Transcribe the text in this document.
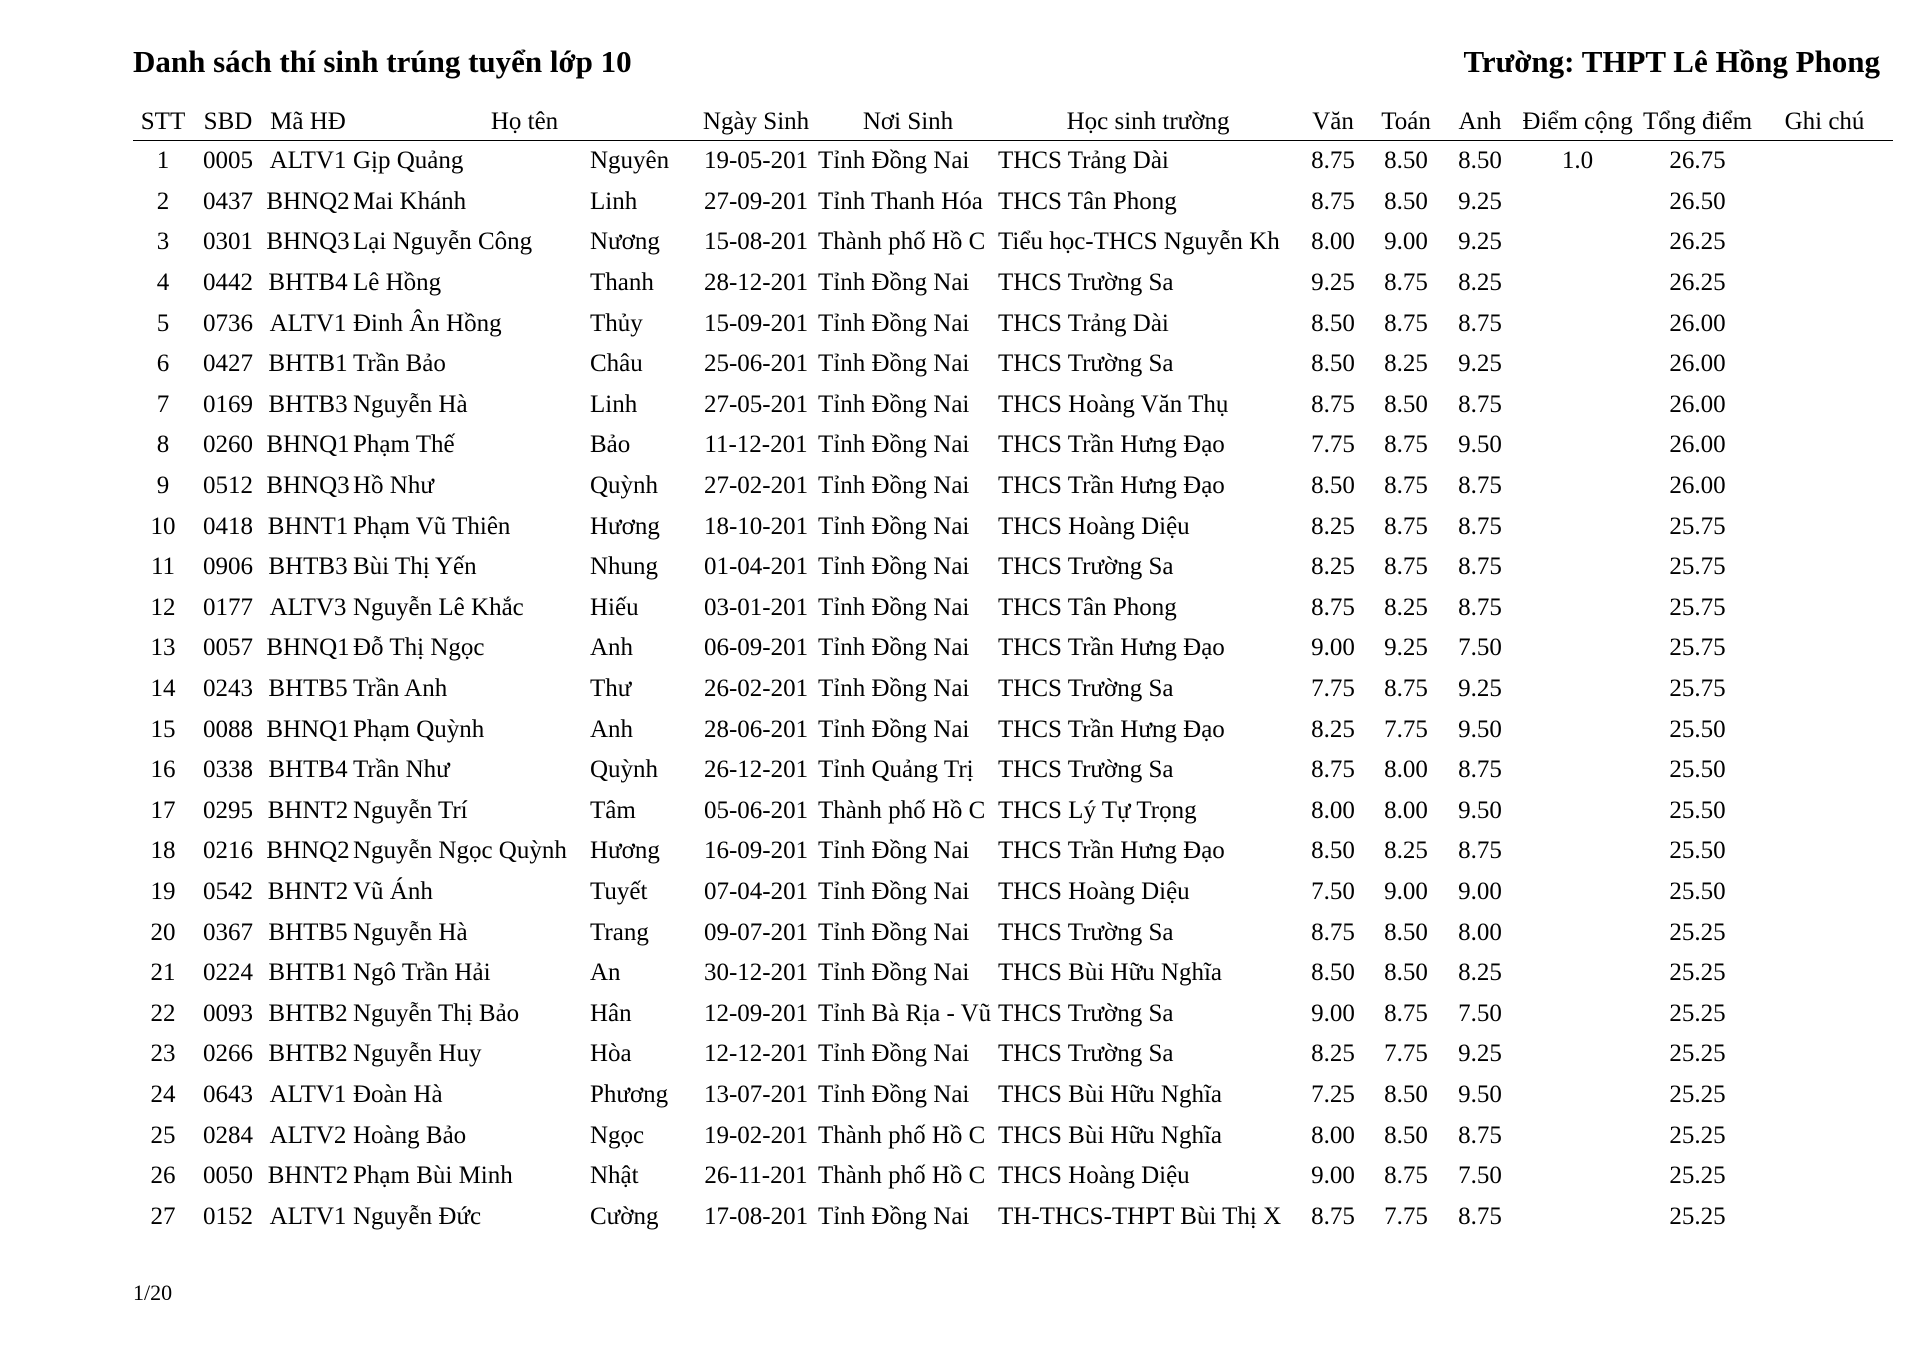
Danh sách thí sinh trúng tuyển lớp 10	Trường: THPT Lê Hồng Phong
STT	SBD	Mã HĐ	Họ tên		Ngày Sinh	Nơi Sinh	Học sinh trường	Văn	Toán	Anh	Điểm cộng	Tổng điểm	Ghi chú
1	0005	ALTV1	Gịp Quảng	Nguyên	19-05-201	Tỉnh Đồng Nai	THCS Trảng Dài	8.75	8.50	8.50	1.0	26.75	
2	0437	BHNQ2	Mai Khánh	Linh	27-09-201	Tỉnh Thanh Hóa	THCS Tân Phong	8.75	8.50	9.25		26.50	
3	0301	BHNQ3	Lại Nguyễn Công	Nương	15-08-201	Thành phố Hồ C	Tiểu học-THCS Nguyễn Kh	8.00	9.00	9.25		26.25	
4	0442	BHTB4	Lê Hồng	Thanh	28-12-201	Tỉnh Đồng Nai	THCS Trường Sa	9.25	8.75	8.25		26.25	
5	0736	ALTV1	Đinh Ân Hồng	Thủy	15-09-201	Tỉnh Đồng Nai	THCS Trảng Dài	8.50	8.75	8.75		26.00	
6	0427	BHTB1	Trần Bảo	Châu	25-06-201	Tỉnh Đồng Nai	THCS Trường Sa	8.50	8.25	9.25		26.00	
7	0169	BHTB3	Nguyễn Hà	Linh	27-05-201	Tỉnh Đồng Nai	THCS Hoàng Văn Thụ	8.75	8.50	8.75		26.00	
8	0260	BHNQ1	Phạm Thế	Bảo	11-12-201	Tỉnh Đồng Nai	THCS Trần Hưng Đạo	7.75	8.75	9.50		26.00	
9	0512	BHNQ3	Hồ Như	Quỳnh	27-02-201	Tỉnh Đồng Nai	THCS Trần Hưng Đạo	8.50	8.75	8.75		26.00	
10	0418	BHNT1	Phạm Vũ Thiên	Hương	18-10-201	Tỉnh Đồng Nai	THCS Hoàng Diệu	8.25	8.75	8.75		25.75	
11	0906	BHTB3	Bùi Thị Yến	Nhung	01-04-201	Tỉnh Đồng Nai	THCS Trường Sa	8.25	8.75	8.75		25.75	
12	0177	ALTV3	Nguyễn Lê Khắc	Hiếu	03-01-201	Tỉnh Đồng Nai	THCS Tân Phong	8.75	8.25	8.75		25.75	
13	0057	BHNQ1	Đỗ Thị Ngọc	Anh	06-09-201	Tỉnh Đồng Nai	THCS Trần Hưng Đạo	9.00	9.25	7.50		25.75	
14	0243	BHTB5	Trần Anh	Thư	26-02-201	Tỉnh Đồng Nai	THCS Trường Sa	7.75	8.75	9.25		25.75	
15	0088	BHNQ1	Phạm Quỳnh	Anh	28-06-201	Tỉnh Đồng Nai	THCS Trần Hưng Đạo	8.25	7.75	9.50		25.50	
16	0338	BHTB4	Trần Như	Quỳnh	26-12-201	Tỉnh Quảng Trị	THCS Trường Sa	8.75	8.00	8.75		25.50	
17	0295	BHNT2	Nguyễn Trí	Tâm	05-06-201	Thành phố Hồ C	THCS Lý Tự Trọng	8.00	8.00	9.50		25.50	
18	0216	BHNQ2	Nguyễn Ngọc Quỳnh	Hương	16-09-201	Tỉnh Đồng Nai	THCS Trần Hưng Đạo	8.50	8.25	8.75		25.50	
19	0542	BHNT2	Vũ Ánh	Tuyết	07-04-201	Tỉnh Đồng Nai	THCS Hoàng Diệu	7.50	9.00	9.00		25.50	
20	0367	BHTB5	Nguyễn Hà	Trang	09-07-201	Tỉnh Đồng Nai	THCS Trường Sa	8.75	8.50	8.00		25.25	
21	0224	BHTB1	Ngô Trần Hải	An	30-12-201	Tỉnh Đồng Nai	THCS Bùi Hữu Nghĩa	8.50	8.50	8.25		25.25	
22	0093	BHTB2	Nguyễn Thị Bảo	Hân	12-09-201	Tỉnh Bà Rịa - Vũ	THCS Trường Sa	9.00	8.75	7.50		25.25	
23	0266	BHTB2	Nguyễn Huy	Hòa	12-12-201	Tỉnh Đồng Nai	THCS Trường Sa	8.25	7.75	9.25		25.25	
24	0643	ALTV1	Đoàn Hà	Phương	13-07-201	Tỉnh Đồng Nai	THCS Bùi Hữu Nghĩa	7.25	8.50	9.50		25.25	
25	0284	ALTV2	Hoàng Bảo	Ngọc	19-02-201	Thành phố Hồ C	THCS Bùi Hữu Nghĩa	8.00	8.50	8.75		25.25	
26	0050	BHNT2	Phạm Bùi Minh	Nhật	26-11-201	Thành phố Hồ C	THCS Hoàng Diệu	9.00	8.75	7.50		25.25	
27	0152	ALTV1	Nguyễn Đức	Cường	17-08-201	Tỉnh Đồng Nai	TH-THCS-THPT Bùi Thị X	8.75	7.75	8.75		25.25	
1/20
